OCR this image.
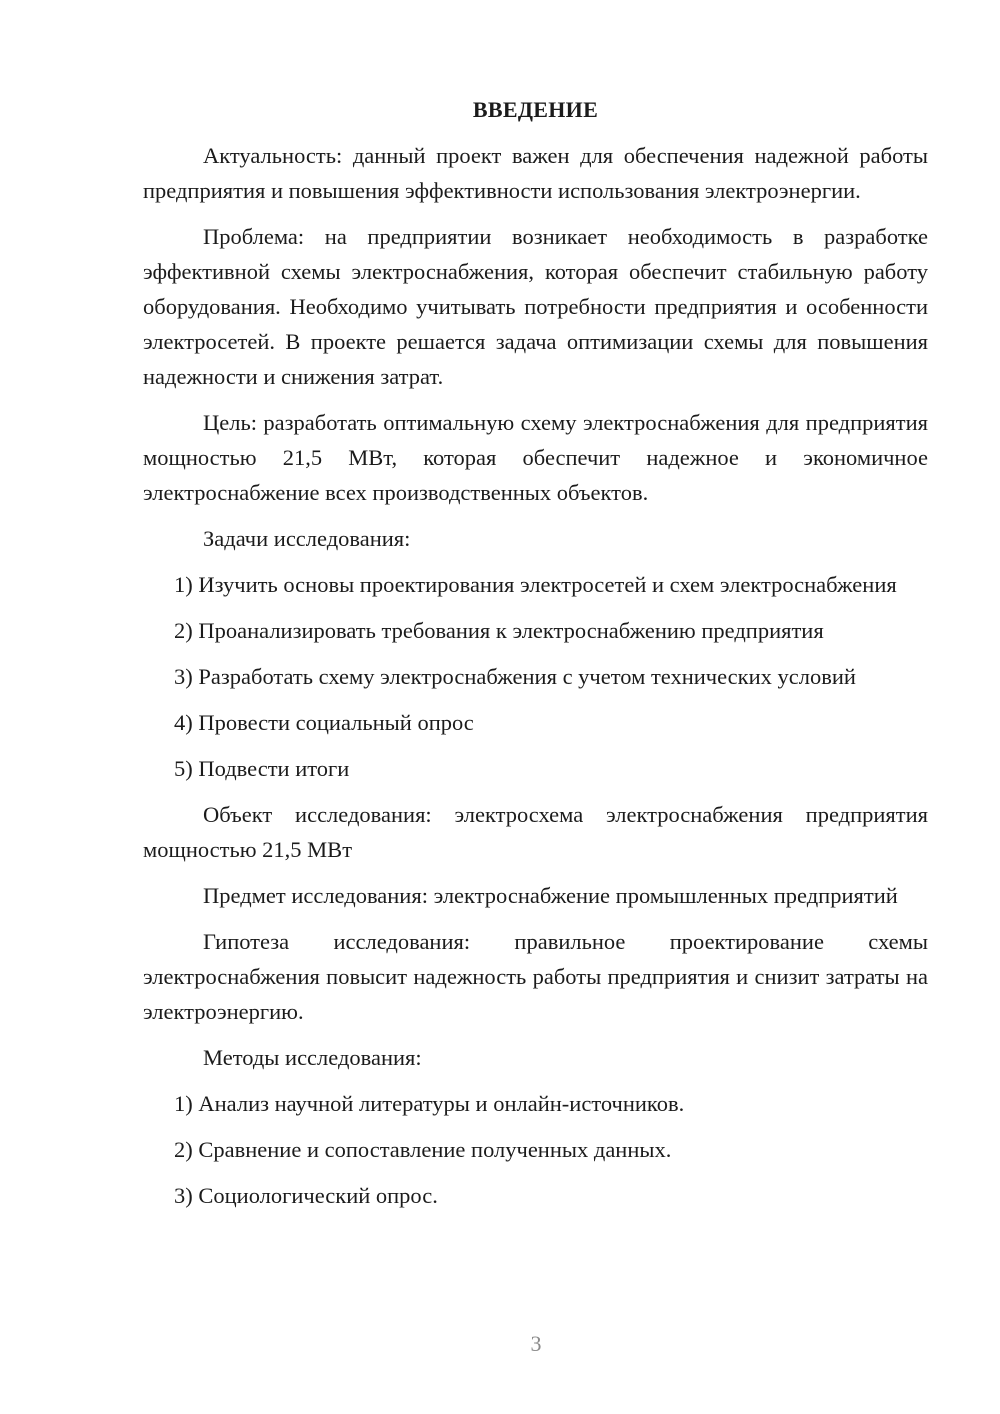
ВВЕДЕНИЕ

Актуальность: данный проект важен для обеспечения надежной работы предприятия и повышения эффективности использования электроэнергии.

Проблема: на предприятии возникает необходимость в разработке эффективной схемы электроснабжения, которая обеспечит стабильную работу оборудования. Необходимо учитывать потребности предприятия и особенности электросетей. В проекте решается задача оптимизации схемы для повышения надежности и снижения затрат.

Цель: разработать оптимальную схему электроснабжения для предприятия мощностью 21,5 МВт, которая обеспечит надежное и экономичное электроснабжение всех производственных объектов.

Задачи исследования:

1) Изучить основы проектирования электросетей и схем электроснабжения

2) Проанализировать требования к электроснабжению предприятия

3) Разработать схему электроснабжения с учетом технических условий

4) Провести социальный опрос

5) Подвести итоги

Объект исследования: электросхема электроснабжения предприятия мощностью 21,5 МВт

Предмет исследования: электроснабжение промышленных предприятий

Гипотеза исследования: правильное проектирование схемы электроснабжения повысит надежность работы предприятия и снизит затраты на электроэнергию.

Методы исследования:

1) Анализ научной литературы и онлайн-источников.

2) Сравнение и сопоставление полученных данных.

3) Социологический опрос.

3
